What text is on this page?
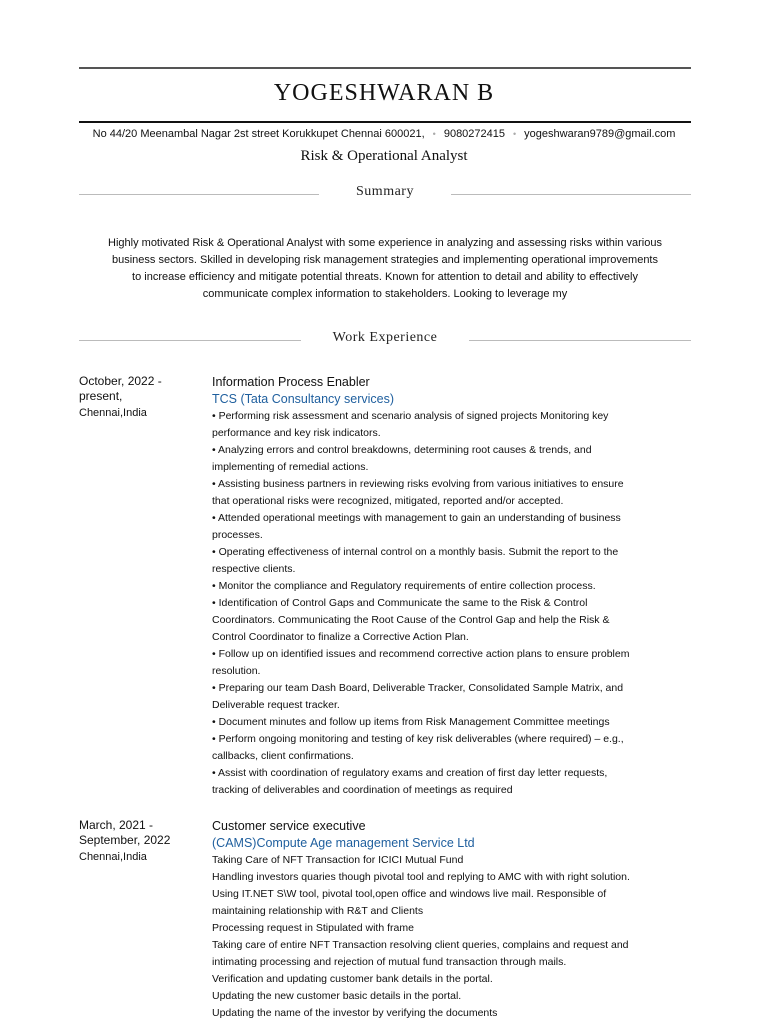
YOGESHWARAN B
No 44/20 Meenambal Nagar 2st street Korukkupet Chennai 600021, • 9080272415 • yogeshwaran9789@gmail.com
Risk & Operational Analyst
Summary
Highly motivated Risk & Operational Analyst with some experience in analyzing and assessing risks within various
business sectors. Skilled in developing risk management strategies and implementing operational improvements
to increase efficiency and mitigate potential threats. Known for attention to detail and ability to effectively
communicate complex information to stakeholders. Looking to leverage my
Work Experience
October, 2022 -
present,
Chennai,India
Information Process Enabler
TCS (Tata Consultancy services)
• Performing risk assessment and scenario analysis of signed projects Monitoring key
performance and key risk indicators.
• Analyzing errors and control breakdowns, determining root causes & trends, and
implementing of remedial actions.
• Assisting business partners in reviewing risks evolving from various initiatives to ensure
that operational risks were recognized, mitigated, reported and/or accepted.
• Attended operational meetings with management to gain an understanding of business
processes.
• Operating effectiveness of internal control on a monthly basis. Submit the report to the
respective clients.
• Monitor the compliance and Regulatory requirements of entire collection process.
• Identification of Control Gaps and Communicate the same to the Risk & Control
Coordinators. Communicating the Root Cause of the Control Gap and help the Risk &
Control Coordinator to finalize a Corrective Action Plan.
• Follow up on identified issues and recommend corrective action plans to ensure problem
resolution.
• Preparing our team Dash Board, Deliverable Tracker, Consolidated Sample Matrix, and
Deliverable request tracker.
• Document minutes and follow up items from Risk Management Committee meetings
• Perform ongoing monitoring and testing of key risk deliverables (where required) – e.g.,
callbacks, client confirmations.
• Assist with coordination of regulatory exams and creation of first day letter requests,
tracking of deliverables and coordination of meetings as required
March, 2021 -
September, 2022
Chennai,India
Customer service executive
(CAMS)Compute Age management Service Ltd
Taking Care of NFT Transaction for ICICI Mutual Fund
Handling investors quaries though pivotal tool and replying to AMC with with right solution.
Using IT.NET S\W tool, pivotal tool,open office and windows live mail. Responsible of
maintaining relationship with R&T and Clients
Processing request in Stipulated with frame
Taking care of entire NFT Transaction resolving client queries, complains and request and
intimating processing and rejection of mutual fund transaction through mails.
Verification and updating customer bank details in the portal.
Updating the new customer basic details in the portal.
Updating the name of the investor by verifying the documents
